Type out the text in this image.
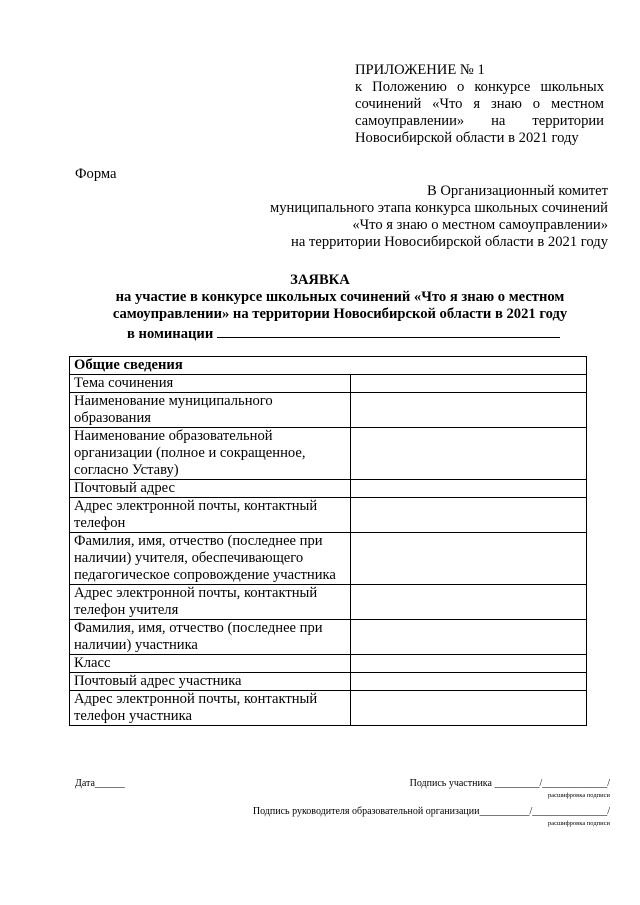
ПРИЛОЖЕНИЕ № 1
к Положению о конкурсе школьных сочинений «Что я знаю о местном самоуправлении» на территории Новосибирской области в 2021 году
Форма
В Организационный комитет
муниципального этапа конкурса школьных сочинений
«Что я знаю о местном самоуправлении»
на территории Новосибирской области в 2021 году
ЗАЯВКА
на участие в конкурсе школьных сочинений «Что я знаю о местном самоуправлении» на территории Новосибирской области в 2021 году
в номинации
Общие сведения	
Тема сочинения	
Наименование муниципального образования	
Наименование образовательной организации (полное и сокращенное, согласно Уставу)	
Почтовый адрес	
Адрес электронной почты, контактный телефон	
Фамилия, имя, отчество (последнее при наличии) учителя, обеспечивающего педагогическое сопровождение участника	
Адрес электронной почты, контактный телефон учителя	
Фамилия, имя, отчество (последнее при наличии) участника	
Класс	
Почтовый адрес участника	
Адрес электронной почты, контактный телефон участника	
Дата______	Подпись участника _________/_____________/
расшифровка подписи
Подпись руководителя образовательной организации__________/_______________/
расшифровка подписи
